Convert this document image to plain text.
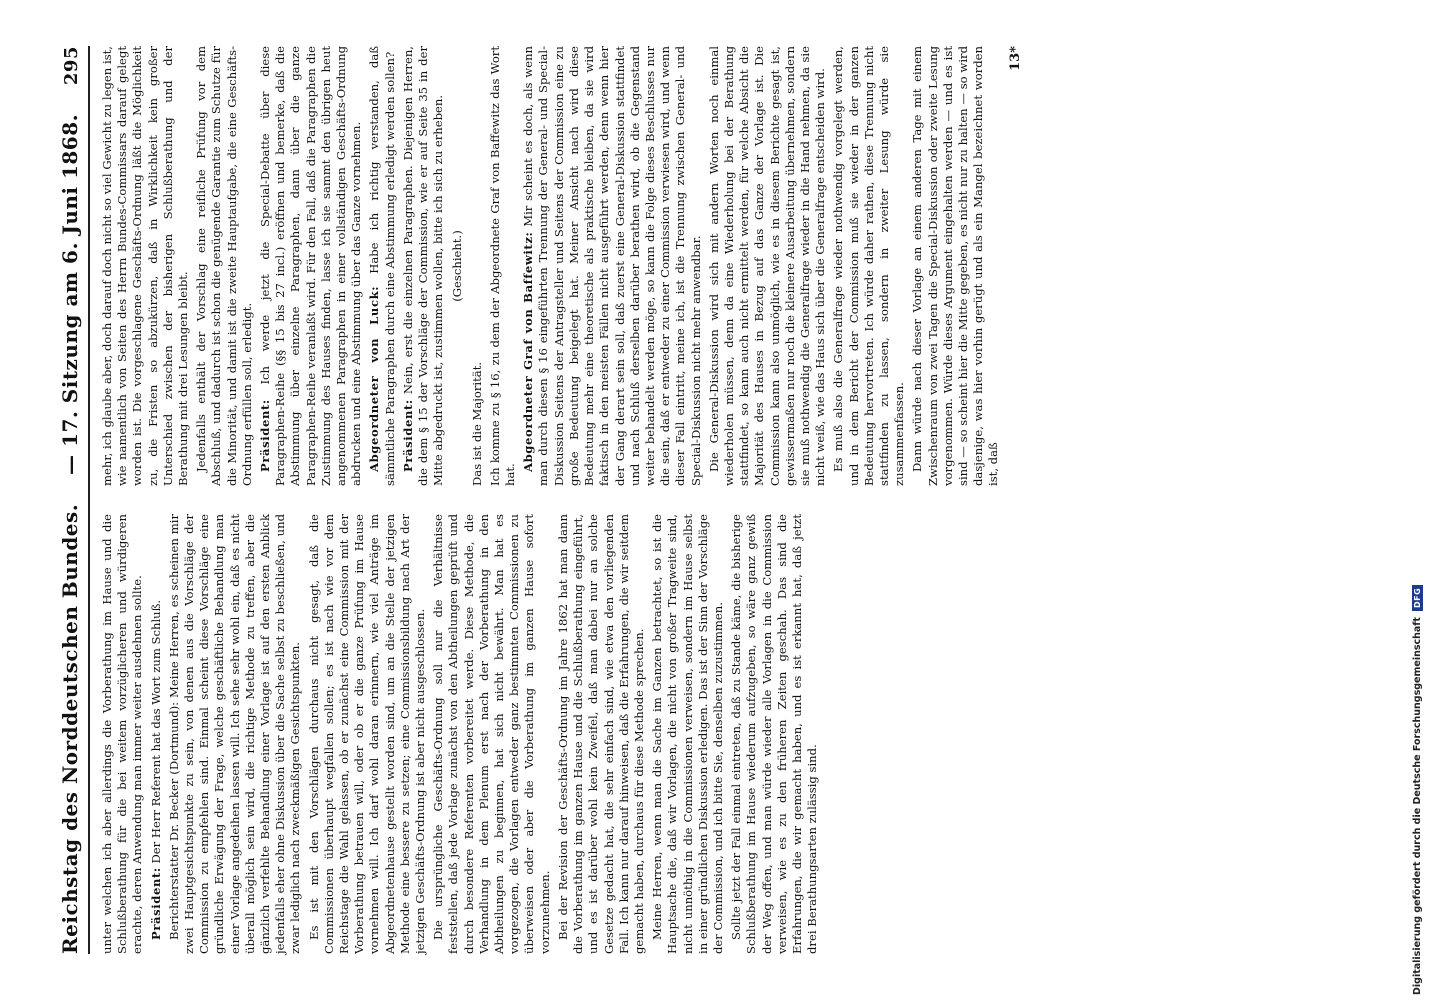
Reichstag des Norddeutschen Bundes.
— 17. Sitzung am 6. Juni 1868.
295

unter welchen ich aber allerdings die Vorberathung im Hause und die Schlußberathung für die bei weitem vorzüglicheren und würdigeren erachte, deren Anwendung man immer weiter ausdehnen sollte. Präsident: Der Herr Referent hat das Wort zum Schluß. Berichterstatter Dr. Becker (Dortmund): Meine Herren, es scheinen mir zwei Hauptgesichtspunkte zu sein, von denen aus die Vorschläge der Commission zu empfehlen sind. Einmal scheint diese Vorschläge eine gründliche Erwägung der Frage, welche geschäftliche Behandlung man einer Vorlage angedeihen lassen will. Ich sehe sehr wohl ein, daß es nicht überall möglich sein wird, die richtige Methode zu treffen, aber die gänzlich verfehlte Behandlung einer Vorlage ist auf den ersten Anblick jedenfalls eher ohne Diskussion über die Sache selbst zu beschließen, und zwar lediglich nach zweckmäßigen Gesichtspunkten. Es ist mit den Vorschlägen durchaus nicht gesagt, daß die Commissionen überhaupt wegfallen sollen; es ist nach wie vor dem Reichstage die Wahl gelassen, ob er zunächst eine Commission mit der Vorberathung betrauen will, oder ob er die ganze Prüfung im Hause vornehmen will. Ich darf wohl daran erinnern, wie viel Anträge im Abgeordnetenhause gestellt worden sind, um an die Stelle der jetzigen Methode eine bessere zu setzen; eine Commissionsbildung nach Art der jetzigen Geschäfts-Ordnung ist aber nicht ausgeschlossen. Die ursprüngliche Geschäfts-Ordnung soll nur die Verhältnisse feststellen, daß jede Vorlage zunächst von den Abtheilungen geprüft und durch besondere Referenten vorbereitet werde. Diese Methode, die Verhandlung in dem Plenum erst nach der Vorberathung in den Abtheilungen zu beginnen, hat sich nicht bewährt. Man hat es vorgezogen, die Vorlagen entweder ganz bestimmten Commissionen zu überweisen oder aber die Vorberathung im ganzen Hause sofort vorzunehmen. Bei der Revision der Geschäfts-Ordnung im Jahre 1862 hat man dann die Vorberathung im ganzen Hause und die Schlußberathung eingeführt, und es ist darüber wohl kein Zweifel, daß man dabei nur an solche Gesetze gedacht hat, die sehr einfach sind, wie etwa den vorliegenden Fall. Ich kann nur darauf hinweisen, daß die Erfahrungen, die wir seitdem gemacht haben, durchaus für diese Methode sprechen. Meine Herren, wenn man die Sache im Ganzen betrachtet, so ist die Hauptsache die, daß wir Vorlagen, die nicht von großer Tragweite sind, nicht unnöthig in die Commissionen verweisen, sondern im Hause selbst in einer gründlichen Diskussion erledigen. Das ist der Sinn der Vorschläge der Commission, und ich bitte Sie, denselben zuzustimmen. Sollte jetzt der Fall einmal eintreten, daß zu Stande käme, die bisherige Schlußberathung im Hause wiederum aufzugeben, so wäre ganz gewiß der Weg offen, und man würde wieder alle Vorlagen in die Commission verweisen, wie es zu den früheren Zeiten geschah. Das sind die Erfahrungen, die wir gemacht haben, und es ist erkannt hat, daß jetzt drei Berathungsarten zulässig sind.

mehr, ich glaube aber, doch darauf doch nicht so viel Gewicht zu legen ist, wie namentlich von Seiten des Herrn Bundes-Commissars darauf gelegt worden ist. Die vorgeschlagene Geschäfts-Ordnung läßt die Möglichkeit zu, die Fristen so abzukürzen, daß in Wirklichkeit kein großer Unterschied zwischen der bisherigen Schlußberathung und der Berathung mit drei Lesungen bleibt. Jedenfalls enthält der Vorschlag eine reifliche Prüfung vor dem Abschluß, und dadurch ist schon die genügende Garantie zum Schutze für die Minorität, und damit ist die zweite Hauptaufgabe, die eine Geschäfts-Ordnung erfüllen soll, erledigt. Präsident: Ich werde jetzt die Special-Debatte über diese Paragraphen-Reihe (§§ 15 bis 27 incl.) eröffnen und bemerke, daß die Abstimmung über einzelne Paragraphen, dann über die ganze Paragraphen-Reihe veranlaßt wird. Für den Fall, daß die Paragraphen die Zustimmung des Hauses finden, lasse ich sie sammt den übrigen heut angenommenen Paragraphen in einer vollständigen Geschäfts-Ordnung abdrucken und eine Abstimmung über das Ganze vornehmen. Abgeordneter von Luck: Habe ich richtig verstanden, daß sämmtliche Paragraphen durch eine Abstimmung erledigt werden sollen? Präsident: Nein, erst die einzelnen Paragraphen. Diejenigen Herren, die dem § 15 der Vorschläge der Commission, wie er auf Seite 35 in der Mitte abgedruckt ist, zustimmen wollen, bitte ich sich zu erheben. (Geschieht.)

Das ist die Majorität. Ich komme zu § 16, zu dem der Abgeordnete Graf von Baffewitz das Wort hat.

Abgeordneter Graf von Baffewitz: Mir scheint es doch, als wenn man durch diesen § 16 eingeführten Trennung der General- und Special-Diskussion Seitens der Antragsteller und Seitens der Commission eine zu große Bedeutung beigelegt hat. Meiner Ansicht nach wird diese Bedeutung mehr eine theoretische als praktische bleiben, da sie wird faktisch in den meisten Fällen nicht ausgeführt werden, denn wenn hier der Gang derart sein soll, daß zuerst eine General-Diskussion stattfindet und nach Schluß derselben darüber berathen wird, ob die Gegenstand weiter behandelt werden möge, so kann die Folge dieses Beschlusses nur die sein, daß er entweder zu einer Commission verwiesen wird, und wenn dieser Fall eintritt, meine ich, ist die Trennung zwischen General- und Special-Diskussion nicht mehr anwendbar. Die General-Diskussion wird sich mit andern Worten noch einmal wiederholen müssen, denn da eine Wiederholung bei der Berathung stattfindet, so kann auch nicht ermittelt werden, für welche Absicht die Majorität des Hauses in Bezug auf das Ganze der Vorlage ist. Die Commission kann also unmöglich, wie es in diesem Berichte gesagt ist, gewissermaßen nur noch die kleinere Ausarbeitung übernehmen, sondern sie muß nothwendig die Generalfrage wieder in die Hand nehmen, da sie nicht weiß, wie das Haus sich über die Generalfrage entscheiden wird. Es muß also die Generalfrage wieder nothwendig vorgelegt werden, und in dem Bericht der Commission muß sie wieder in der ganzen Bedeutung hervortreten. Ich würde daher rathen, diese Trennung nicht stattfinden zu lassen, sondern in zweiter Lesung würde sie zusammenfassen. Dann würde nach dieser Vorlage an einem anderen Tage mit einem Zwischenraum von zwei Tagen die Special-Diskussion oder zweite Lesung vorgenommen. Würde dieses Argument eingehalten werden — und es ist sind — so scheint hier die Mitte gegeben, es nicht nur zu halten — so wird dasjenige, was hier vorhin gerügt und als ein Mangel bezeichnet worden ist, daß

13*
Digitalisierung gefördert durch die Deutsche Forschungsgemeinschaft
DFG
